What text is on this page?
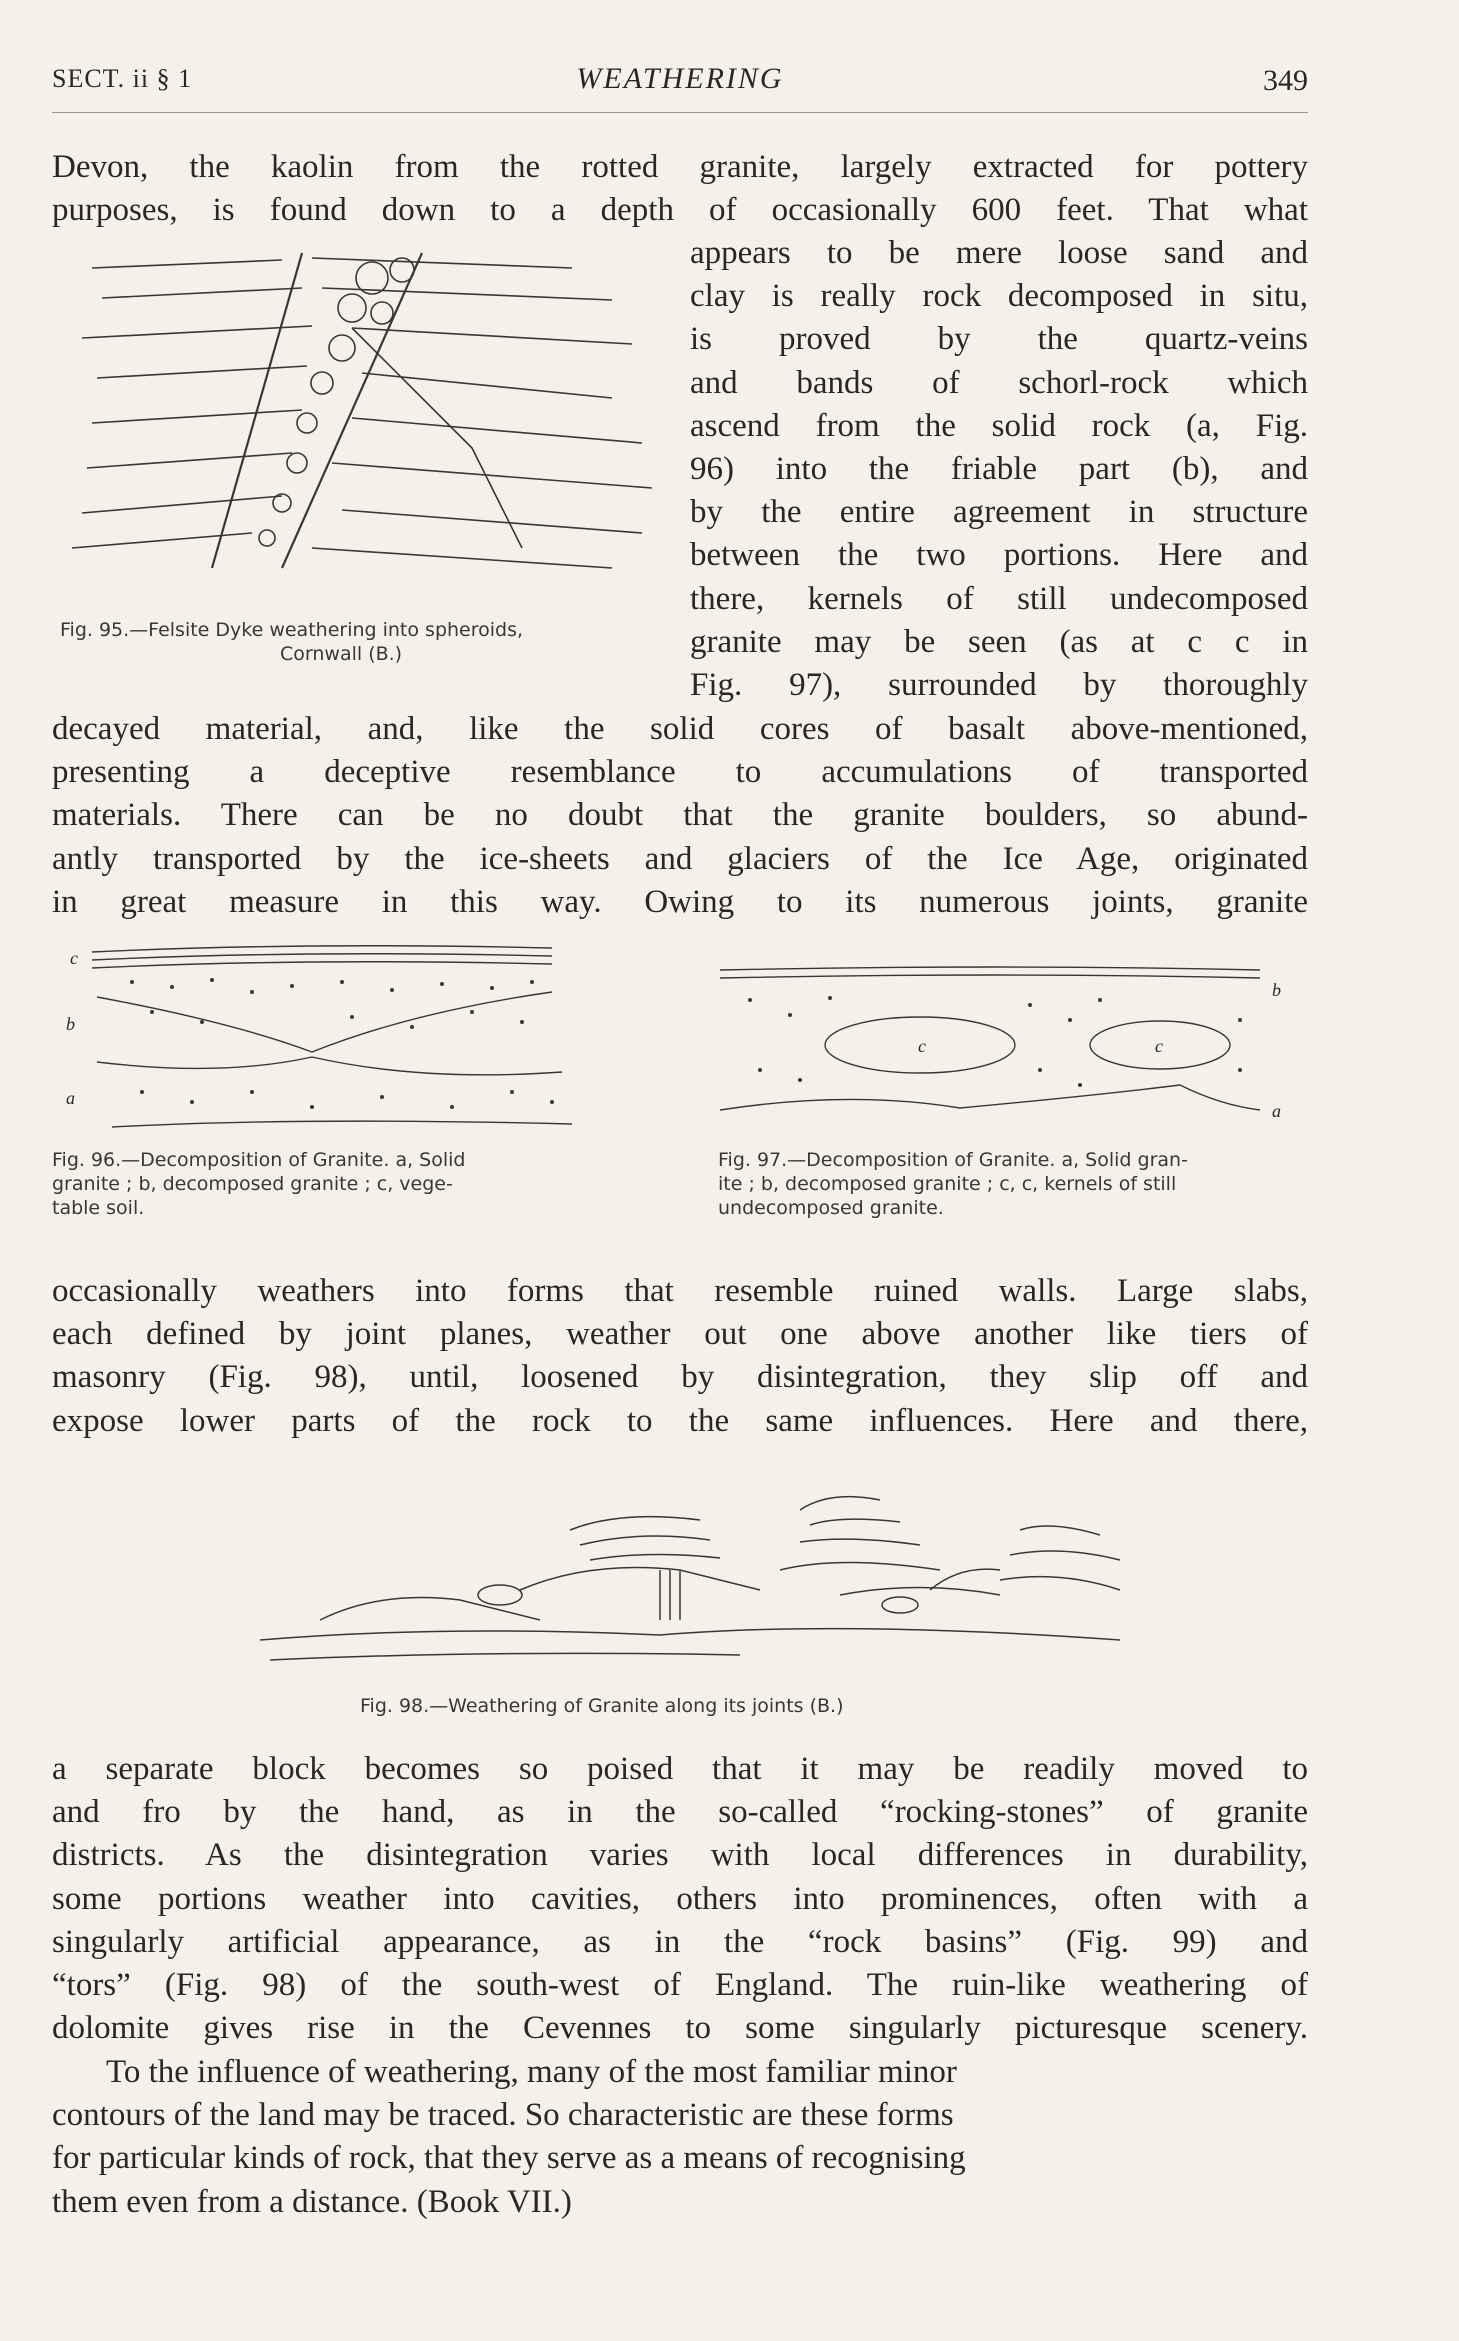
SECT. ii § 1	WEATHERING	349

Devon, the kaolin from the rotted granite, largely extracted for pottery
purposes, is found down to a depth of occasionally 600 feet. That what

Fig. 95.—Felsite Dyke weathering into spheroids,
Cornwall (B.)

appears to be mere loose sand and
clay is really rock decomposed in situ,
is proved by the quartz-veins
and bands of schorl-rock which
ascend from the solid rock (a, Fig.
96) into the friable part (b), and
by the entire agreement in structure
between the two portions. Here and
there, kernels of still undecomposed
granite may be seen (as at c c in
Fig. 97), surrounded by thoroughly

decayed material, and, like the solid cores of basalt above-mentioned,
presenting a deceptive resemblance to accumulations of transported
materials. There can be no doubt that the granite boulders, so abund-
antly transported by the ice-sheets and glaciers of the Ice Age, originated
in great measure in this way. Owing to its numerous joints, granite

c
b
a

Fig. 96.—Decomposition of Granite. a, Solid
granite ; b, decomposed granite ; c, vege-
table soil.

c	c
b
a

Fig. 97.—Decomposition of Granite. a, Solid gran-
ite ; b, decomposed granite ; c, c, kernels of still
undecomposed granite.

occasionally weathers into forms that resemble ruined walls. Large slabs,
each defined by joint planes, weather out one above another like tiers of
masonry (Fig. 98), until, loosened by disintegration, they slip off and
expose lower parts of the rock to the same influences. Here and there,

Fig. 98.—Weathering of Granite along its joints (B.)

a separate block becomes so poised that it may be readily moved to
and fro by the hand, as in the so-called “rocking-stones” of granite
districts. As the disintegration varies with local differences in durability,
some portions weather into cavities, others into prominences, often with a
singularly artificial appearance, as in the “rock basins” (Fig. 99) and
“tors” (Fig. 98) of the south-west of England. The ruin-like weathering of
dolomite gives rise in the Cevennes to some singularly picturesque scenery.

To the influence of weathering, many of the most familiar minor
contours of the land may be traced. So characteristic are these forms
for particular kinds of rock, that they serve as a means of recognising
them even from a distance. (Book VII.)
